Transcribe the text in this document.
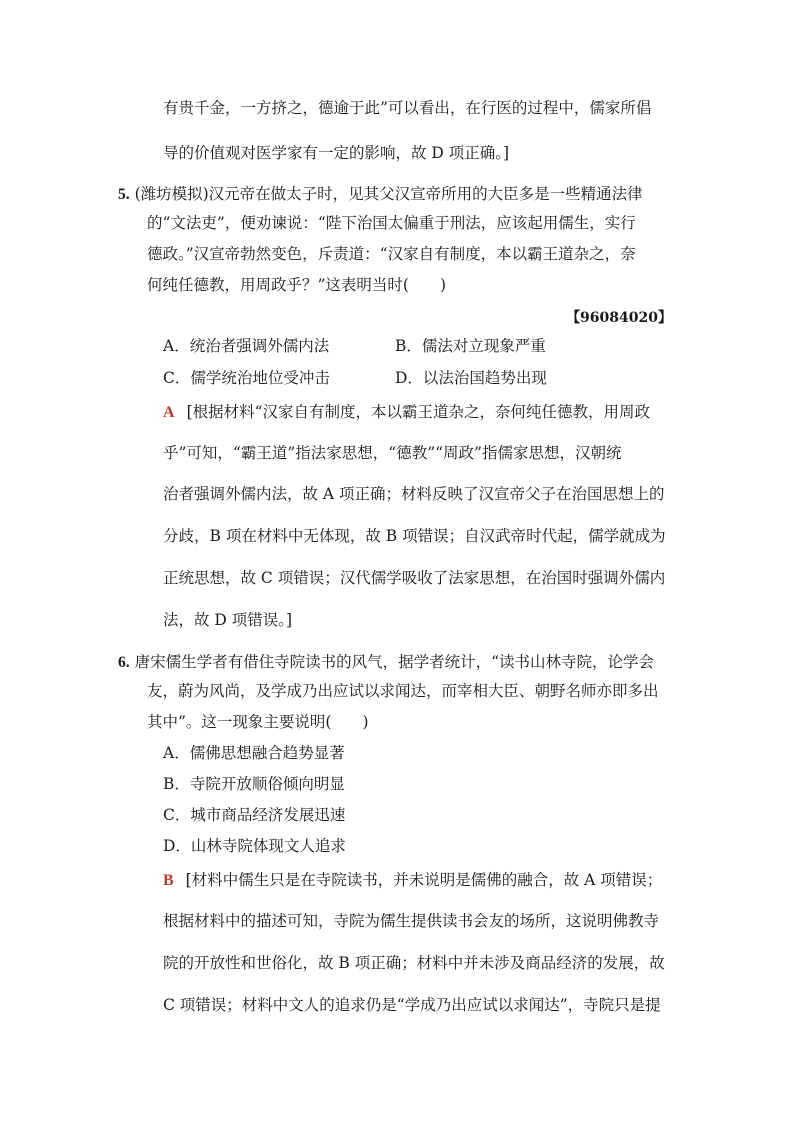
有贵千金，一方挤之，德逾于此”可以看出，在行医的过程中，儒家所倡
导的价值观对医学家有一定的影响，故 D 项正确。]
5. (潍坊模拟)汉元帝在做太子时，见其父汉宣帝所用的大臣多是一些精通法律
的“文法吏”，便劝谏说：“陛下治国太偏重于刑法，应该起用儒生，实行
德政。”汉宣帝勃然变色，斥责道：“汉家自有制度，本以霸王道杂之，奈
何纯任德教，用周政乎？”这表明当时(　　)
【96084020】
A．统治者强调外儒内法	B．儒法对立现象严重
C．儒学统治地位受冲击	D．以法治国趋势出现
A [根据材料“汉家自有制度，本以霸王道杂之，奈何纯任德教，用周政
乎”可知，“霸王道”指法家思想，“德教”“周政”指儒家思想，汉朝统
治者强调外儒内法，故 A 项正确；材料反映了汉宣帝父子在治国思想上的
分歧，B 项在材料中无体现，故 B 项错误；自汉武帝时代起，儒学就成为
正统思想，故 C 项错误；汉代儒学吸收了法家思想，在治国时强调外儒内
法，故 D 项错误。]
6. 唐宋儒生学者有借住寺院读书的风气，据学者统计，“读书山林寺院，论学会
友，蔚为风尚，及学成乃出应试以求闻达，而宰相大臣、朝野名师亦即多出
其中”。这一现象主要说明(　　)
A．儒佛思想融合趋势显著
B．寺院开放顺俗倾向明显
C．城市商品经济发展迅速
D．山林寺院体现文人追求
B [材料中儒生只是在寺院读书，并未说明是儒佛的融合，故 A 项错误；
根据材料中的描述可知，寺院为儒生提供读书会友的场所，这说明佛教寺
院的开放性和世俗化，故 B 项正确；材料中并未涉及商品经济的发展，故
C 项错误；材料中文人的追求仍是“学成乃出应试以求闻达”，寺院只是提
